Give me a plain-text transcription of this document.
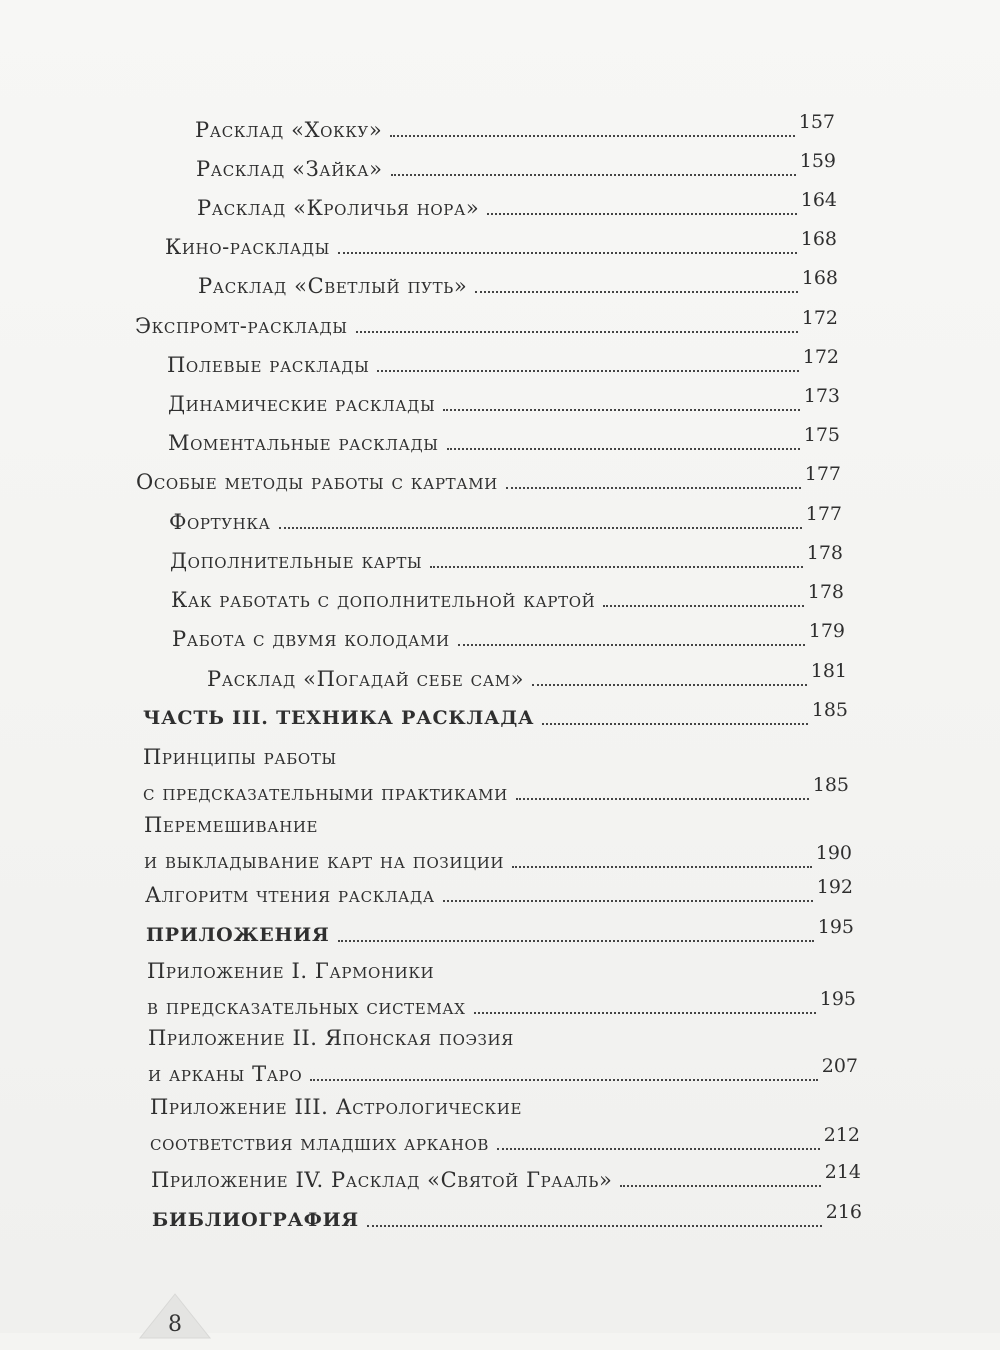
Расклад «Хокку»	157
Расклад «Зайка»	159
Расклад «Кроличья нора»	164
Кино-расклады	168
Расклад «Светлый путь»	168
Экспромт-расклады	172
Полевые расклады	172
Динамические расклады	173
Моментальные расклады	175
Особые методы работы с картами	177
Фортунка	177
Дополнительные карты	178
Как работать с дополнительной картой	178
Работа с двумя колодами	179
Расклад «Погадай себе сам»	181
ЧАСТЬ III. ТЕХНИКА РАСКЛАДА	185
Принципы работы
с предсказательными практиками	185
Перемешивание
и выкладывание карт на позиции	190
Алгоритм чтения расклада	192
ПРИЛОЖЕНИЯ	195
Приложение I. Гармоники
в предсказательных системах	195
Приложение II. Японская поэзия
и арканы Таро	207
Приложение III. Астрологические
соответствия младших арканов	212
Приложение IV. Расклад «Святой Грааль»	214
БИБЛИОГРАФИЯ	216
8
